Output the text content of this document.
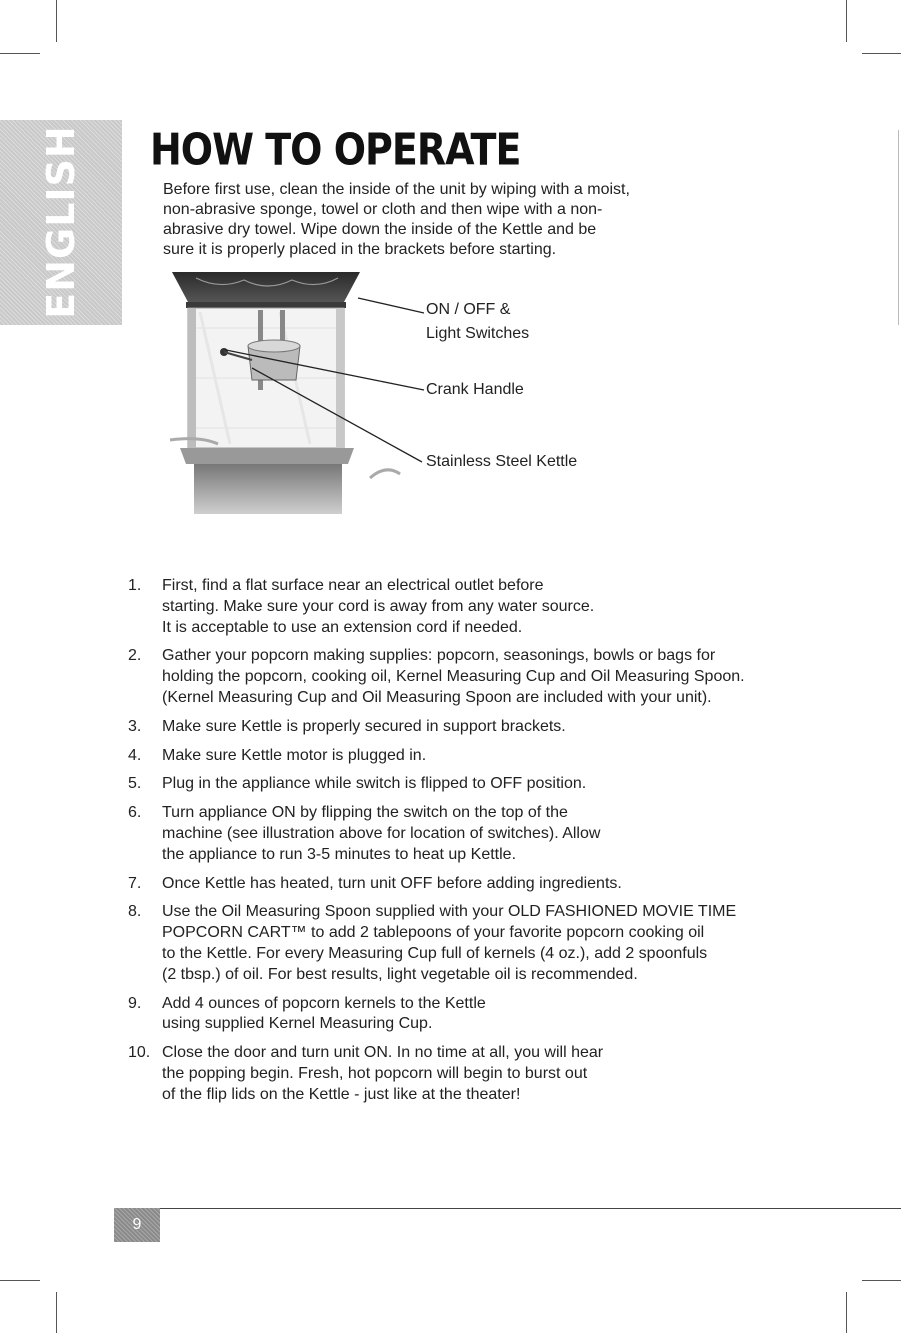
ENGLISH HOW TO OPERATE

Before first use, clean the inside of the unit by wiping with a moist,
non-abrasive sponge, towel or cloth and then wipe with a non-
abrasive dry towel. Wipe down the inside of the Kettle and be
sure it is properly placed in the brackets before starting.

ON / OFF &
Light Switches
Crank Handle
Stainless Steel Kettle
1.	First, find a flat surface near an electrical outlet before
starting. Make sure your cord is away from any water source.
It is acceptable to use an extension cord if needed.
2.	Gather your popcorn making supplies: popcorn, seasonings, bowls or bags for
holding the popcorn, cooking oil, Kernel Measuring Cup and Oil Measuring Spoon.
(Kernel Measuring Cup and Oil Measuring Spoon are included with your unit).
3.	Make sure Kettle is properly secured in support brackets.
4.	Make sure Kettle motor is plugged in.
5.	Plug in the appliance while switch is flipped to OFF position.
6.	Turn appliance ON by flipping the switch on the top of the
machine (see illustration above for location of switches). Allow
the appliance to run 3-5 minutes to heat up Kettle.
7.	Once Kettle has heated, turn unit OFF before adding ingredients.
8.	Use the Oil Measuring Spoon supplied with your OLD FASHIONED MOVIE TIME
POPCORN CART™ to add 2 tablepoons of your favorite popcorn cooking oil
to the Kettle. For every Measuring Cup full of kernels (4 oz.), add 2 spoonfuls
(2 tbsp.) of oil. For best results, light vegetable oil is recommended.
9.	Add 4 ounces of popcorn kernels to the Kettle
using supplied Kernel Measuring Cup.
10. Close the door and turn unit ON. In no time at all, you will hear
the popping begin. Fresh, hot popcorn will begin to burst out
of the flip lids on the Kettle - just like at the theater!
9
